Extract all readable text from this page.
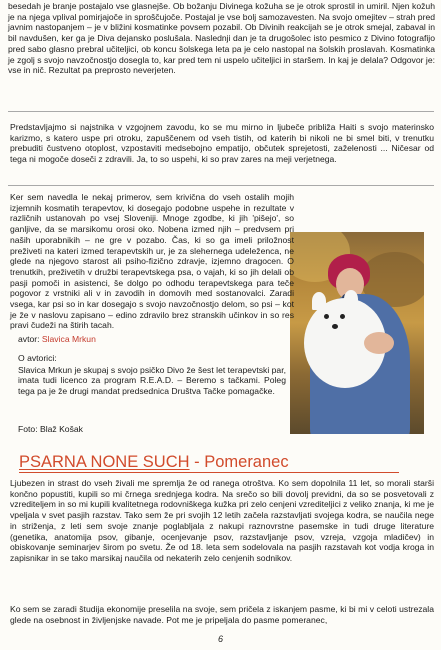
besedah je branje postajalo vse glasnejše. Ob božanju Divinega kožuha se je otrok sprostil in umiril. Njen kožuh je na njega vplival pomirjajoče in sproščujoče. Postajal je vse bolj samozavesten. Na svojo omejitev – strah pred javnim nastopanjem – je v bližini kosmatinke povsem pozabil. Ob Divinih reakcijah se je otrok smejal, zabaval in bil navdušen, ker ga je Diva dejansko poslušala. Naslednji dan je ta drugošolec isto pesmico z Divino fotografijo pred sabo glasno prebral učiteljici, ob koncu šolskega leta pa je celo nastopal na šolskih proslavah. Kosmatinka je zgolj s svojo navzočnostjo dosegla to, kar pred tem ni uspelo učiteljici in staršem. In kaj je delala? Odgovor je: vse in nič. Rezultat pa preprosto neverjeten.

Predstavljajmo si najstnika v vzgojnem zavodu, ko se mu mirno in ljubeče približa Haiti s svojo materinsko karizmo, s katero uspe pri otroku, zapuščenem od vseh tistih, od katerih bi nikoli ne bi smel biti, v trenutku prebuditi čustveno otoplost, vzpostaviti medsebojno empatijo, občutek sprejetosti, zaželenosti ... Ničesar od tega ni mogoče doseči z zdravili. Ja, to so uspehi, ki so prav zares na meji verjetnega.

Ker sem navedla le nekaj primerov, sem krivična do vseh ostalih mojih izjemnih kosmatih terapevtov, ki dosegajo podobne uspehe in rezultate v različnih ustanovah po vsej Sloveniji. Mnoge zgodbe, ki jih 'pišejo', so ganljive, da se marsikomu orosi oko. Nobena izmed njih – predvsem pri naših uporabnikih – ne gre v pozabo. Čas, ki so ga imeli priložnost preživeti na kateri izmed terapevtskih ur, je za slehernega udeleženca, ne glede na njegovo starost ali psiho-fizično zdravje, izjemno dragocen. O trenutkih, preživetih v družbi terapevtskega psa, o vajah, ki so jih delali ob pasji pomoči in asistenci, še dolgo po odhodu terapevtskega para teče pogovor z vrstniki ali v in zavodih in domovih med sostanovalci. Zaradi vsega, kar psi so in kar dosegajo s svojo navzočnostjo delom, so psi – kot je že v naslovu zapisano – edino zdravilo brez stranskih učinkov in so res pravi čudeži na štirih tacah.

avtor: Slavica Mrkun

O avtorici:

Slavica Mrkun je skupaj s svojo psičko Divo že šest let terapevtski par, imata tudi licenco za program R.E.A.D. – Beremo s tačkami. Poleg tega pa je že drugi mandat predsednica Društva Tačke pomagačke.

Foto: Blaž Košak

PSARNA NONE SUCH - Pomeranec

Ljubezen in strast do vseh živali me spremlja že od ranega otroštva. Ko sem dopolnila 11 let, so morali starši končno popustiti, kupili so mi črnega srednjega kodra. Na srečo so bili dovolj previdni, da so se posvetovali z vzrediteljem in so mi kupili kvalitetnega rodovniškega kužka pri zelo cenjeni vzrediteljici z veliko znanja, ki me je vpeljala v svet pasjih razstav. Tako sem že pri svojih 12 letih začela razstavljati svojega kodra, se naučila nege in striženja, z leti sem svoje znanje poglabljala z nakupi raznovrstne pasemske in tudi druge literature (genetika, anatomija psov, gibanje, ocenjevanje psov, razstavljanje psov, vzreja, vzgoja mladičev) in obiskovanje seminarjev širom po svetu. Že od 18. leta sem sodelovala na pasjih razstavah kot vodja kroga in zapisnikar in se tako marsikaj naučila od nekaterih zelo cenjenih sodnikov.

Ko sem se zaradi študija ekonomije preselila na svoje, sem pričela z iskanjem pasme, ki bi mi v celoti ustrezala glede na osebnost in življenjske navade. Pot me je pripeljala do pasme pomeranec,

6
